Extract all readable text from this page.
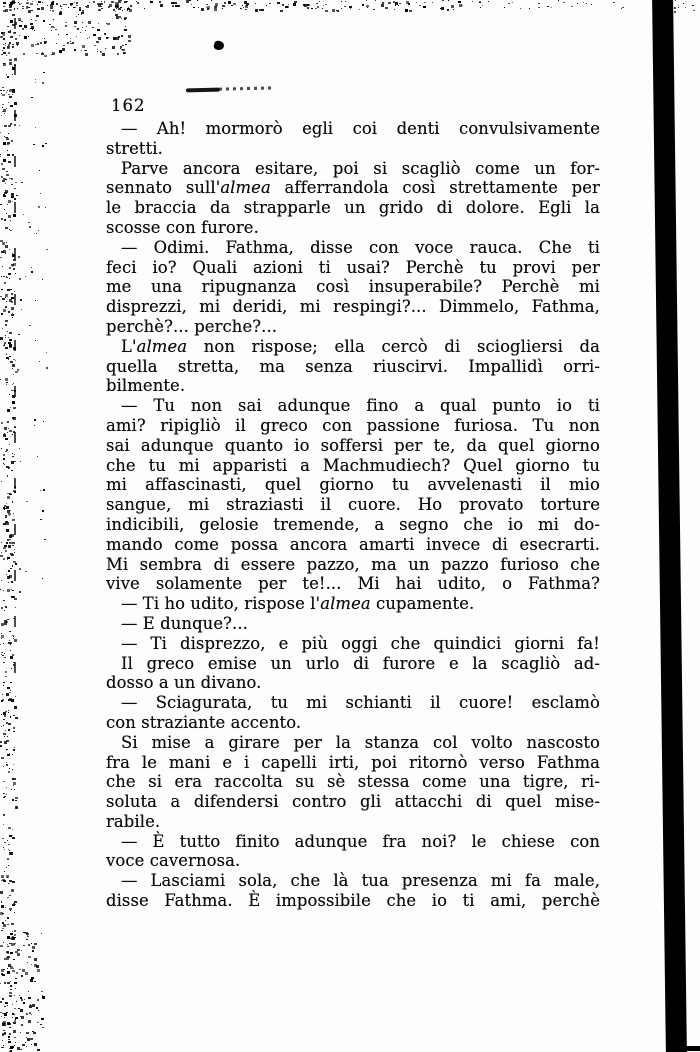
162
— Ah! mormorò egli coi denti convulsivamente
stretti.
Parve ancora esitare, poi si scagliò come un for-
sennato sull'almea afferrandola così strettamente per
le braccia da strapparle un grido di dolore. Egli la
scosse con furore.
— Odimi. Fathma, disse con voce rauca. Che ti
feci io? Quali azioni ti usai? Perchè tu provi per
me una ripugnanza così insuperabile? Perchè mi
disprezzi, mi deridi, mi respingi?... Dimmelo, Fathma,
perchè?... perche?...
L'almea non rispose; ella cercò di sciogliersi da
quella stretta, ma senza riuscirvi. Impallidì orri-
bilmente.
— Tu non sai adunque fino a qual punto io ti
ami? ripigliò il greco con passione furiosa. Tu non
sai adunque quanto io soffersi per te, da quel giorno
che tu mi apparisti a Machmudiech? Quel giorno tu
mi affascinasti, quel giorno tu avvelenasti il mio
sangue, mi straziasti il cuore. Ho provato torture
indicibili, gelosie tremende, a segno che io mi do-
mando come possa ancora amarti invece di esecrarti.
Mi sembra di essere pazzo, ma un pazzo furioso che
vive solamente per te!... Mi hai udito, o Fathma?
— Ti ho udito, rispose l'almea cupamente.
— E dunque?...
— Ti disprezzo, e più oggi che quindici giorni fa!
Il greco emise un urlo di furore e la scagliò ad-
dosso a un divano.
— Sciagurata, tu mi schianti il cuore! esclamò
con straziante accento.
Si mise a girare per la stanza col volto nascosto
fra le mani e i capelli irti, poi ritornò verso Fathma
che si era raccolta su sè stessa come una tigre, ri-
soluta a difendersi contro gli attacchi di quel mise-
rabile.
— È tutto finito adunque fra noi? le chiese con
voce cavernosa.
— Lasciami sola, che là tua presenza mi fa male,
disse Fathma. È impossibile che io ti ami, perchè
